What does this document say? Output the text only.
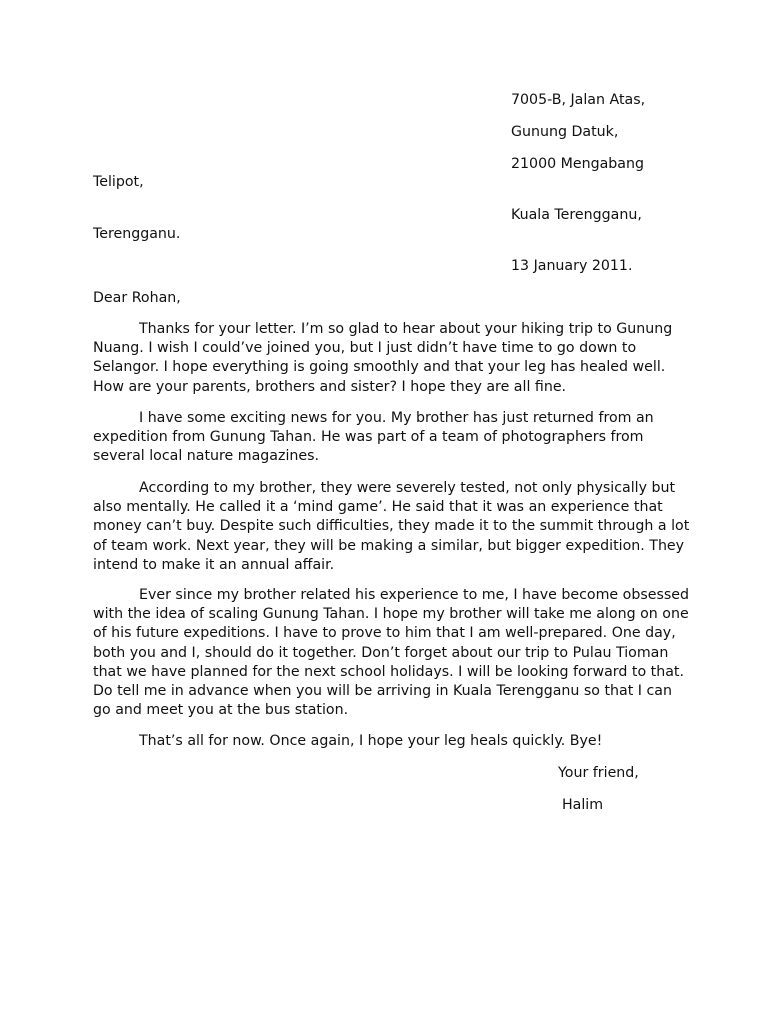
7005-B, Jalan Atas,
Gunung Datuk,
21000 Mengabang
Telipot,
Kuala Terengganu,
Terengganu.
13 January 2011.
Dear Rohan,
Thanks for your letter. I’m so glad to hear about your hiking trip to Gunung
Nuang. I wish I could’ve joined you, but I just didn’t have time to go down to
Selangor. I hope everything is going smoothly and that your leg has healed well.
How are your parents, brothers and sister? I hope they are all fine.
I have some exciting news for you. My brother has just returned from an
expedition from Gunung Tahan. He was part of a team of photographers from
several local nature magazines.
According to my brother, they were severely tested, not only physically but
also mentally. He called it a ‘mind game’. He said that it was an experience that
money can’t buy. Despite such difficulties, they made it to the summit through a lot
of team work. Next year, they will be making a similar, but bigger expedition. They
intend to make it an annual affair.
Ever since my brother related his experience to me, I have become obsessed
with the idea of scaling Gunung Tahan. I hope my brother will take me along on one
of his future expeditions. I have to prove to him that I am well-prepared. One day,
both you and I, should do it together. Don’t forget about our trip to Pulau Tioman
that we have planned for the next school holidays. I will be looking forward to that.
Do tell me in advance when you will be arriving in Kuala Terengganu so that I can
go and meet you at the bus station.
That’s all for now. Once again, I hope your leg heals quickly. Bye!
Your friend,
Halim
